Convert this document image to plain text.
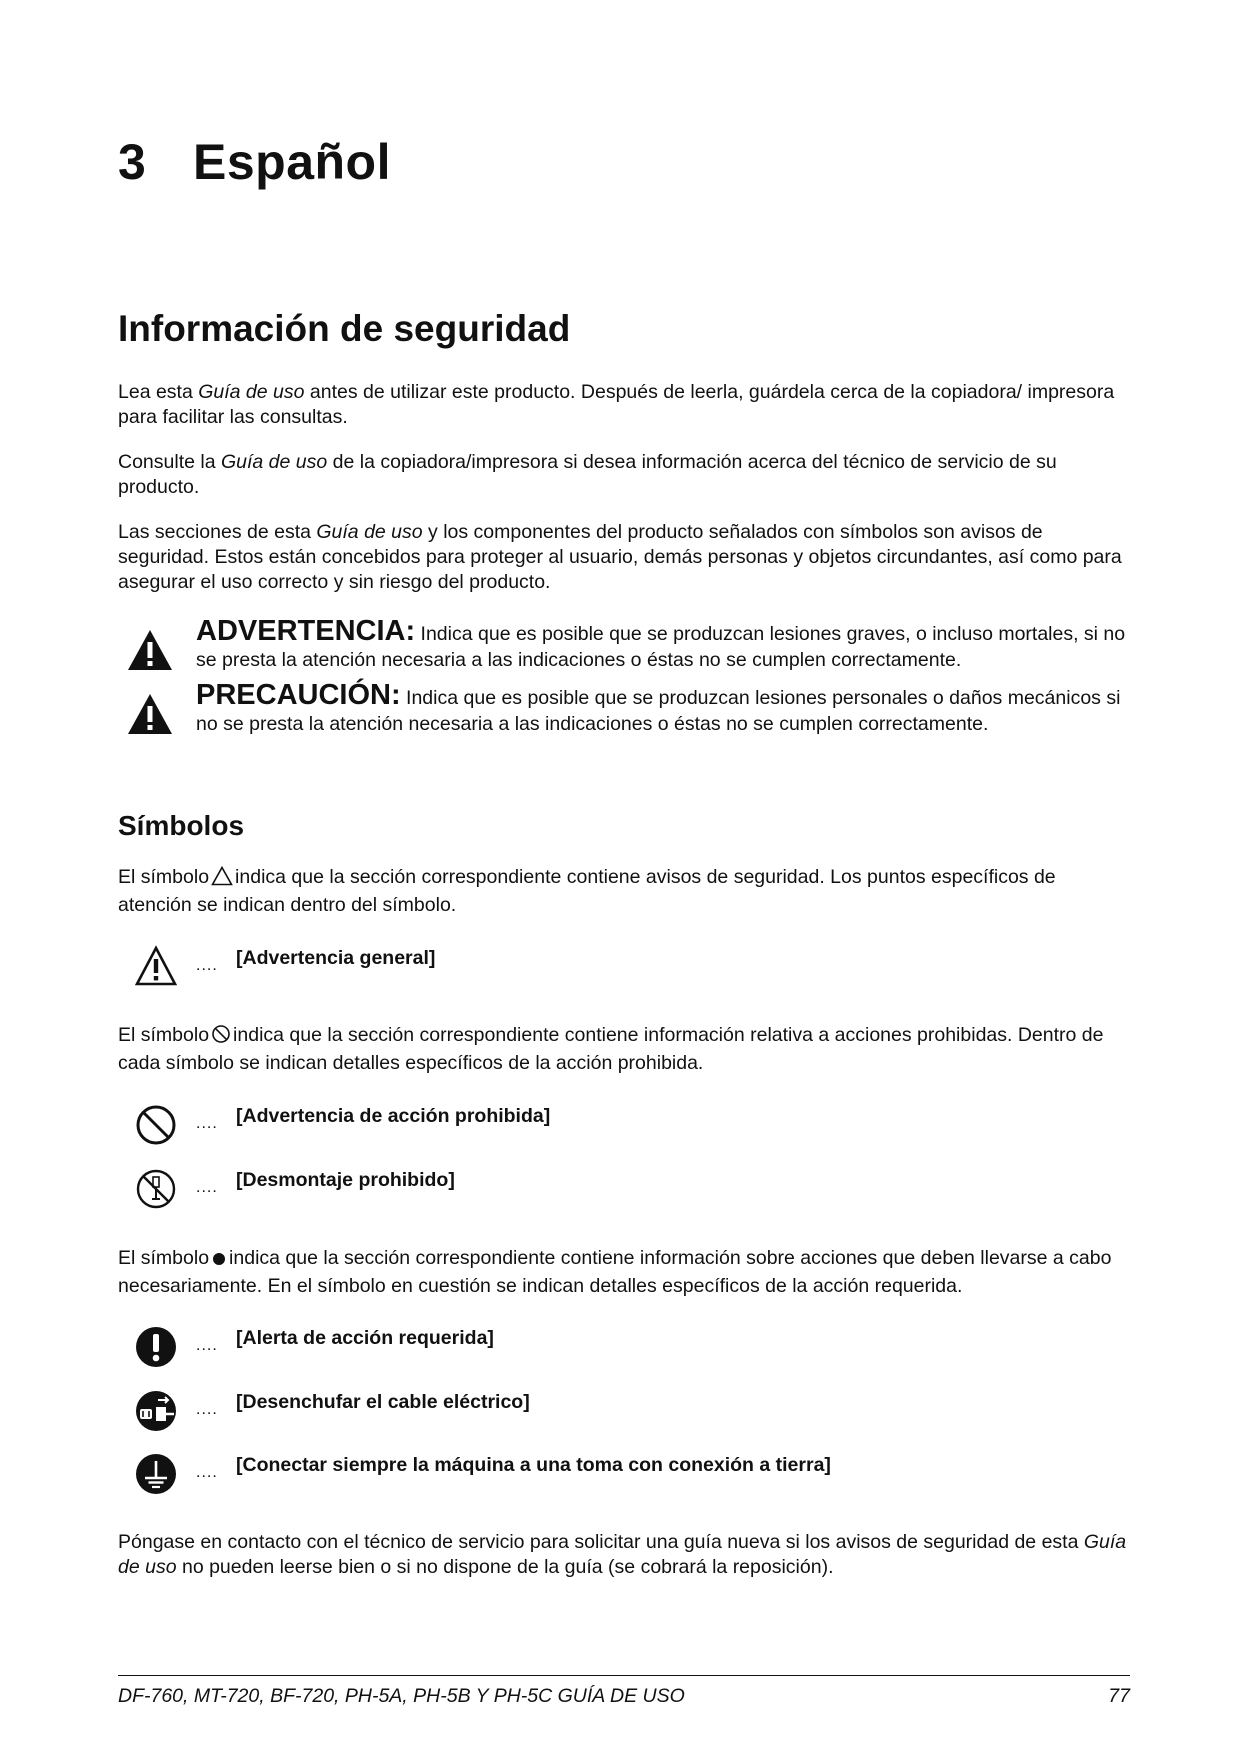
3 Español
Información de seguridad

Lea esta Guía de uso antes de utilizar este producto. Después de leerla, guárdela cerca de la copiadora/ impresora para facilitar las consultas.

Consulte la Guía de uso de la copiadora/impresora si desea información acerca del técnico de servicio de su producto.

Las secciones de esta Guía de uso y los componentes del producto señalados con símbolos son avisos de seguridad. Estos están concebidos para proteger al usuario, demás personas y objetos circundantes, así como para asegurar el uso correcto y sin riesgo del producto.

ADVERTENCIA: Indica que es posible que se produzcan lesiones graves, o incluso mortales, si no se presta la atención necesaria a las indicaciones o éstas no se cumplen correctamente.
PRECAUCIÓN: Indica que es posible que se produzcan lesiones personales o daños mecánicos si no se presta la atención necesaria a las indicaciones o éstas no se cumplen correctamente.
Símbolos

El símbolo indica que la sección correspondiente contiene avisos de seguridad. Los puntos específicos de atención se indican dentro del símbolo.

.... [Advertencia general]

El símbolo indica que la sección correspondiente contiene información relativa a acciones prohibidas. Dentro de cada símbolo se indican detalles específicos de la acción prohibida.

.... [Advertencia de acción prohibida]
.... [Desmontaje prohibido]

El símbolo indica que la sección correspondiente contiene información sobre acciones que deben llevarse a cabo necesariamente. En el símbolo en cuestión se indican detalles específicos de la acción requerida.

.... [Alerta de acción requerida]
.... [Desenchufar el cable eléctrico]
.... [Conectar siempre la máquina a una toma con conexión a tierra]

Póngase en contacto con el técnico de servicio para solicitar una guía nueva si los avisos de seguridad de esta Guía de uso no pueden leerse bien o si no dispone de la guía (se cobrará la reposición).

DF-760, MT-720, BF-720, PH-5A, PH-5B Y PH-5C GUÍA DE USO	77
